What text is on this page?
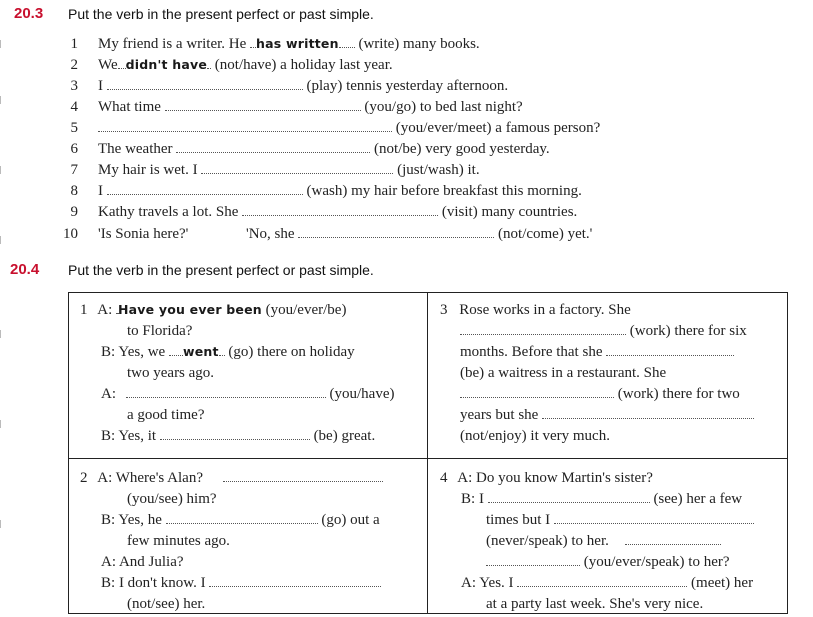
20.3 Put the verb in the present perfect or past simple.
1 My friend is a writer. He has written (write) many books.
2 We didn't have (not/have) a holiday last year.
3 I	(play) tennis yesterday afternoon.
4 What time	(you/go) to bed last night?
5	(you/ever/meet) a famous person?
6 The weather	(not/be) very good yesterday.
7 My hair is wet. I	(just/wash) it.
8 I	(wash) my hair before breakfast this morning.
9 Kathy travels a lot. She	(visit) many countries.
10 'Is Sonia here?'	'No, she	(not/come) yet.'
20.4 Put the verb in the present perfect or past simple.
1 A: Have you ever been (you/ever/be)
to Florida?
B: Yes, we went (go) there on holiday
two years ago.
A:	(you/have)
a good time?
B: Yes, it	(be) great.
3 Rose works in a factory. She
(work) there for six
months. Before that she
(be) a waitress in a restaurant. She
(work) there for two
years but she
(not/enjoy) it very much.
2 A: Where's Alan?
(you/see) him?
B: Yes, he	(go) out a
few minutes ago.
A: And Julia?
B: I don't know. I
(not/see) her.
4 A: Do you know Martin's sister?
B: I	(see) her a few
times but I
(never/speak) to her.
(you/ever/speak) to her?
A: Yes. I	(meet) her
at a party last week. She's very nice.
